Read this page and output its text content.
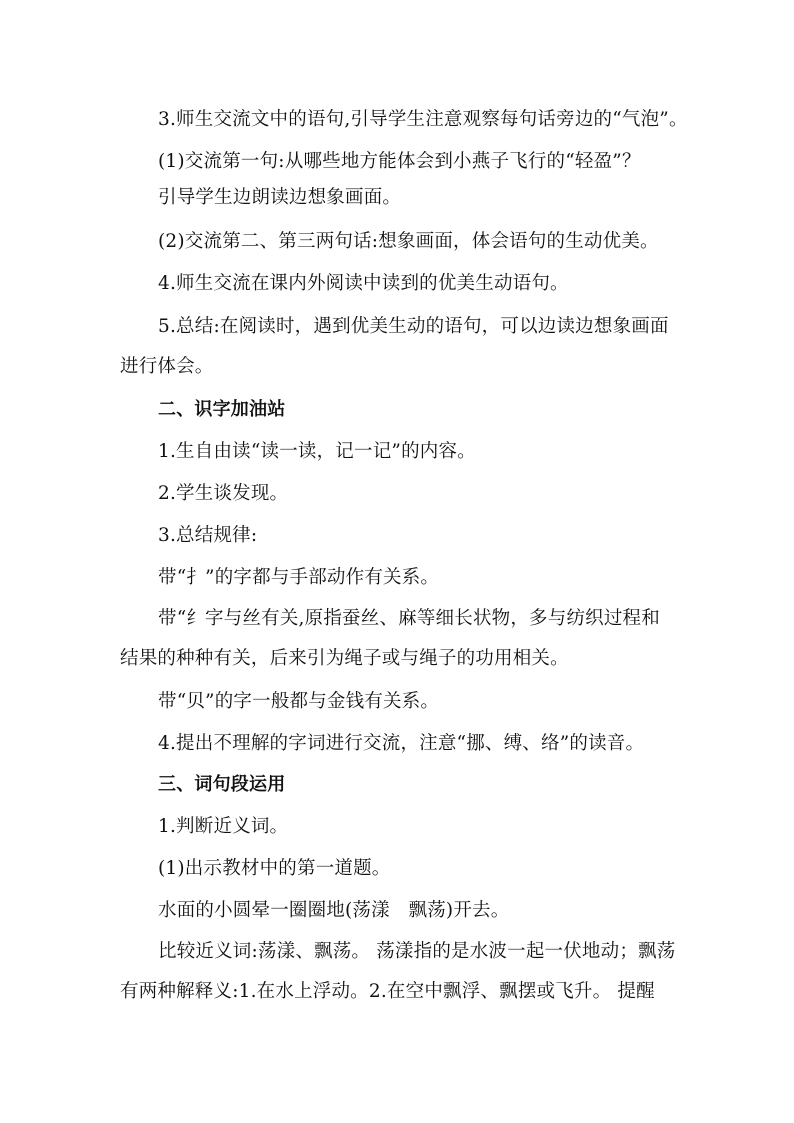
3.师生交流文中的语句,引导学生注意观察每句话旁边的“气泡”。
(1)交流第一句:从哪些地方能体会到小燕子飞行的“轻盈”？
引导学生边朗读边想象画面。
(2)交流第二、第三两句话:想象画面，体会语句的生动优美。
4.师生交流在课内外阅读中读到的优美生动语句。
5.总结:在阅读时，遇到优美生动的语句，可以边读边想象画面
进行体会。
二、识字加油站
1.生自由读“读一读，记一记”的内容。
2.学生谈发现。
3.总结规律:
带“扌”的字都与手部动作有关系。
带“纟字与丝有关,原指蚕丝、麻等细长状物，多与纺织过程和
结果的种种有关，后来引为绳子或与绳子的功用相关。
带“贝”的字一般都与金钱有关系。
4.提出不理解的字词进行交流，注意“挪、缚、络”的读音。
三、词句段运用
1.判断近义词。
(1)出示教材中的第一道题。
水面的小圆晕一圈圈地(荡漾　飘荡)开去。
比较近义词:荡漾、飘荡。 荡漾指的是水波一起一伏地动；飘荡
有两种解释义:1.在水上浮动。2.在空中飘浮、飘摆或飞升。 提醒
